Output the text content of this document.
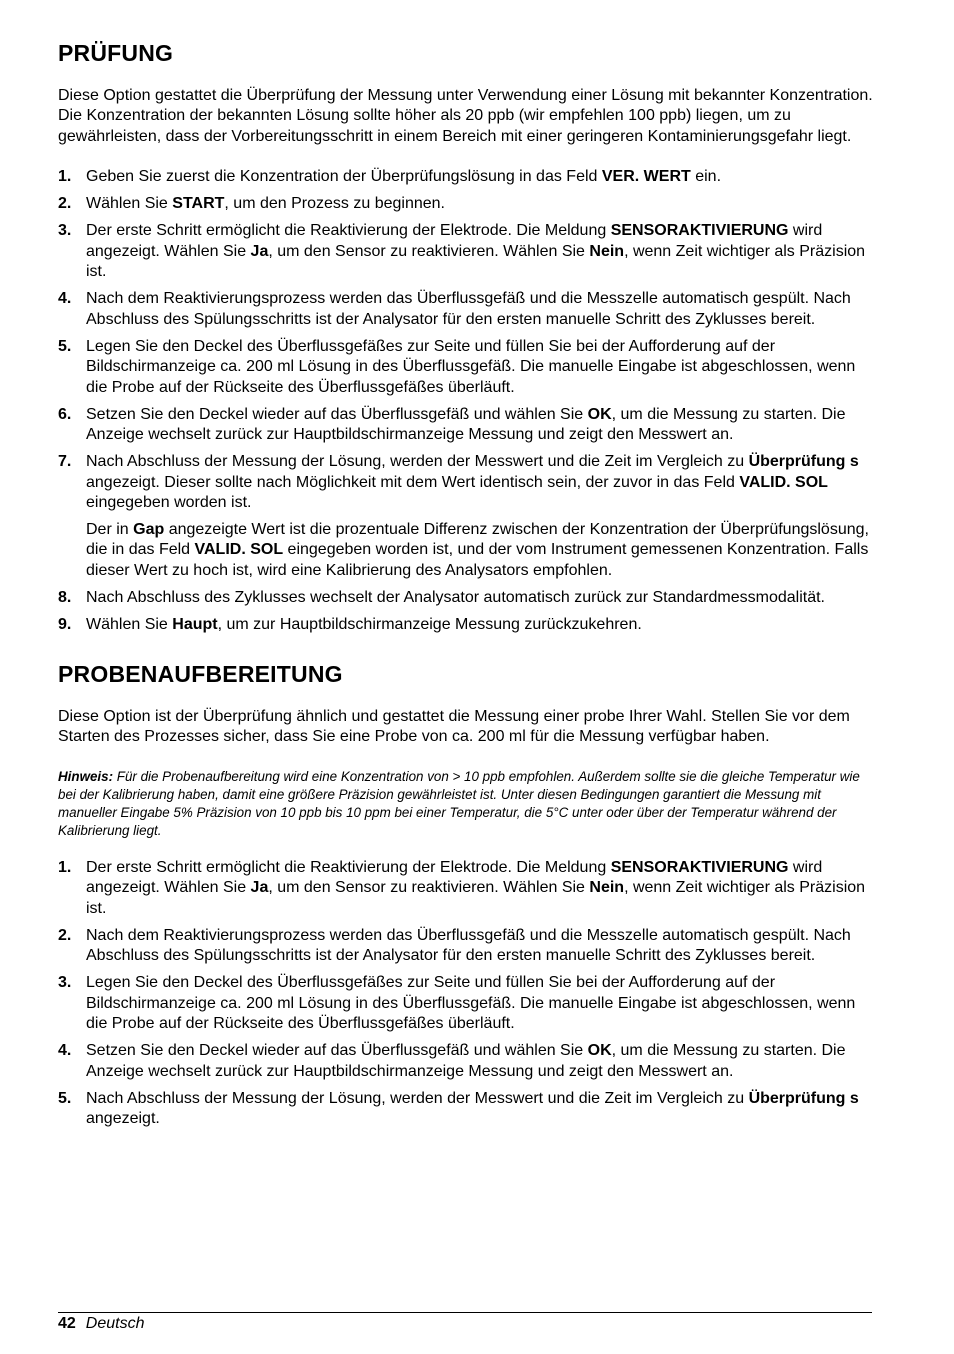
PRÜFUNG

Diese Option gestattet die Überprüfung der Messung unter Verwendung einer Lösung mit bekannter Konzentration. Die Konzentration der bekannten Lösung sollte höher als 20 ppb (wir empfehlen 100 ppb) liegen, um zu gewährleisten, dass der Vorbereitungsschritt in einem Bereich mit einer geringeren Kontaminierungsgefahr liegt.

1. Geben Sie zuerst die Konzentration der Überprüfungslösung in das Feld VER. WERT ein.
2. Wählen Sie START, um den Prozess zu beginnen.
3. Der erste Schritt ermöglicht die Reaktivierung der Elektrode. Die Meldung SENSORAKTIVIERUNG wird angezeigt. Wählen Sie Ja, um den Sensor zu reaktivieren. Wählen Sie Nein, wenn Zeit wichtiger als Präzision ist.
4. Nach dem Reaktivierungsprozess werden das Überflussgefäß und die Messzelle automatisch gespült. Nach Abschluss des Spülungsschritts ist der Analysator für den ersten manuelle Schritt des Zyklusses bereit.
5. Legen Sie den Deckel des Überflussgefäßes zur Seite und füllen Sie bei der Aufforderung auf der Bildschirmanzeige ca. 200 ml Lösung in des Überflussgefäß. Die manuelle Eingabe ist abgeschlossen, wenn die Probe auf der Rückseite des Überflussgefäßes überläuft.
6. Setzen Sie den Deckel wieder auf das Überflussgefäß und wählen Sie OK, um die Messung zu starten. Die Anzeige wechselt zurück zur Hauptbildschirmanzeige Messung und zeigt den Messwert an.
7. Nach Abschluss der Messung der Lösung, werden der Messwert und die Zeit im Vergleich zu Überprüfung s angezeigt. Dieser sollte nach Möglichkeit mit dem Wert identisch sein, der zuvor in das Feld VALID. SOL eingegeben worden ist.
Der in Gap angezeigte Wert ist die prozentuale Differenz zwischen der Konzentration der Überprüfungslösung, die in das Feld VALID. SOL eingegeben worden ist, und der vom Instrument gemessenen Konzentration. Falls dieser Wert zu hoch ist, wird eine Kalibrierung des Analysators empfohlen.
8. Nach Abschluss des Zyklusses wechselt der Analysator automatisch zurück zur Standardmessmodalität.
9. Wählen Sie Haupt, um zur Hauptbildschirmanzeige Messung zurückzukehren.
PROBENAUFBEREITUNG

Diese Option ist der Überprüfung ähnlich und gestattet die Messung einer probe Ihrer Wahl. Stellen Sie vor dem Starten des Prozesses sicher, dass Sie eine Probe von ca. 200 ml für die Messung verfügbar haben.

Hinweis: Für die Probenaufbereitung wird eine Konzentration von > 10 ppb empfohlen. Außerdem sollte sie die gleiche Temperatur wie bei der Kalibrierung haben, damit eine größere Präzision gewährleistet ist. Unter diesen Bedingungen garantiert die Messung mit manueller Eingabe 5% Präzision von 10 ppb bis 10 ppm bei einer Temperatur, die 5°C unter oder über der Temperatur während der Kalibrierung liegt.

1. Der erste Schritt ermöglicht die Reaktivierung der Elektrode. Die Meldung SENSORAKTIVIERUNG wird angezeigt. Wählen Sie Ja, um den Sensor zu reaktivieren. Wählen Sie Nein, wenn Zeit wichtiger als Präzision ist.
2. Nach dem Reaktivierungsprozess werden das Überflussgefäß und die Messzelle automatisch gespült. Nach Abschluss des Spülungsschritts ist der Analysator für den ersten manuelle Schritt des Zyklusses bereit.
3. Legen Sie den Deckel des Überflussgefäßes zur Seite und füllen Sie bei der Aufforderung auf der Bildschirmanzeige ca. 200 ml Lösung in des Überflussgefäß. Die manuelle Eingabe ist abgeschlossen, wenn die Probe auf der Rückseite des Überflussgefäßes überläuft.
4. Setzen Sie den Deckel wieder auf das Überflussgefäß und wählen Sie OK, um die Messung zu starten. Die Anzeige wechselt zurück zur Hauptbildschirmanzeige Messung und zeigt den Messwert an.
5. Nach Abschluss der Messung der Lösung, werden der Messwert und die Zeit im Vergleich zu Überprüfung s angezeigt.
42 Deutsch
